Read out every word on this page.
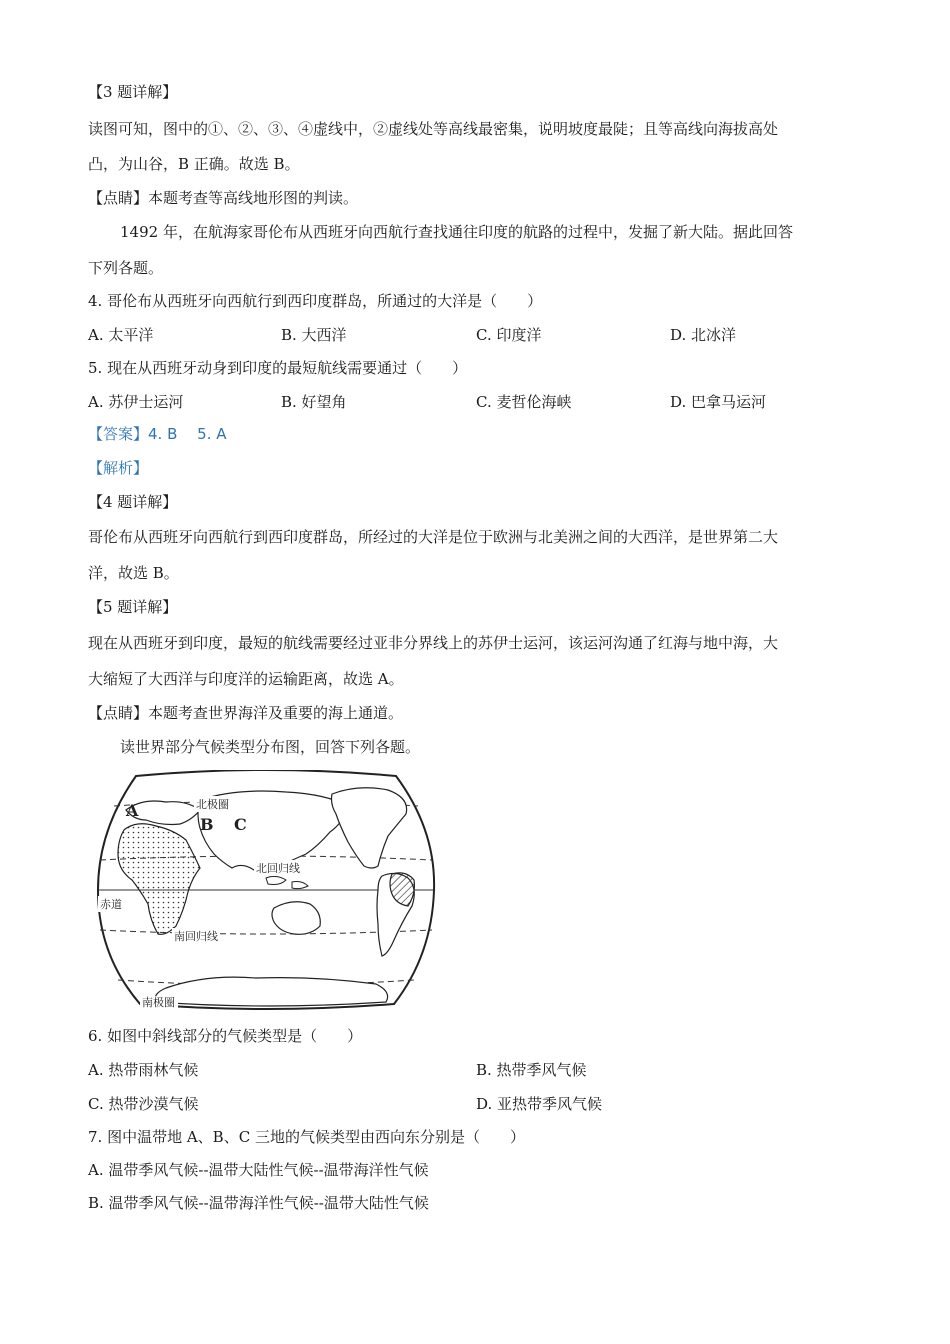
【3 题详解】
读图可知，图中的①、②、③、④虚线中，②虚线处等高线最密集，说明坡度最陡；且等高线向海拔高处
凸，为山谷，B 正确。故选 B。
【点睛】本题考查等高线地形图的判读。
1492 年，在航海家哥伦布从西班牙向西航行查找通往印度的航路的过程中，发掘了新大陆。据此回答
下列各题。
4. 哥伦布从西班牙向西航行到西印度群岛，所通过的大洋是（　　）
A. 太平洋	B. 大西洋	C. 印度洋	D. 北冰洋
5. 现在从西班牙动身到印度的最短航线需要通过（　　）
A. 苏伊士运河	B. 好望角	C. 麦哲伦海峡	D. 巴拿马运河
【答案】4. B　 5. A
【解析】
【4 题详解】
哥伦布从西班牙向西航行到西印度群岛，所经过的大洋是位于欧洲与北美洲之间的大西洋，是世界第二大
洋，故选 B。
【5 题详解】
现在从西班牙到印度，最短的航线需要经过亚非分界线上的苏伊士运河，该运河沟通了红海与地中海，大
大缩短了大西洋与印度洋的运输距离，故选 A。
【点睛】本题考查世界海洋及重要的海上通道。
读世界部分气候类型分布图，回答下列各题。
北极圈
A
B C
北回归线
赤道
南回归线
南极圈
6. 如图中斜线部分的气候类型是（　　）
A. 热带雨林气候	B. 热带季风气候
C. 热带沙漠气候	D. 亚热带季风气候
7. 图中温带地 A、B、C 三地的气候类型由西向东分别是（　　）
A. 温带季风气候--温带大陆性气候--温带海洋性气候
B. 温带季风气候--温带海洋性气候--温带大陆性气候
